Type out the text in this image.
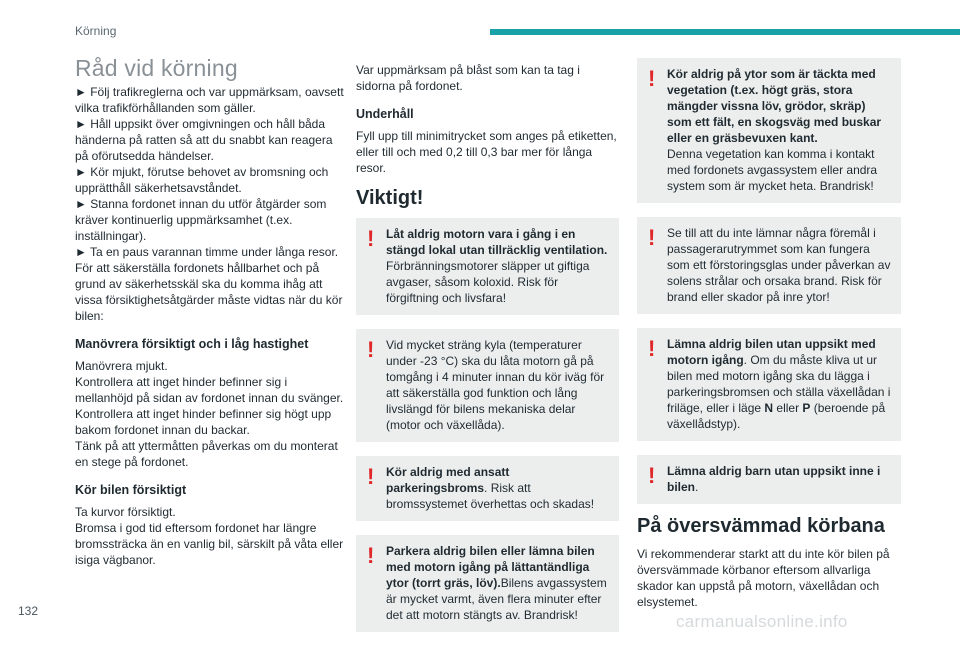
Körning
Råd vid körning

► Följ trafikreglerna och var uppmärksam, oavsett vilka trafikförhållanden som gäller.

► Håll uppsikt över omgivningen och håll båda händerna på ratten så att du snabbt kan reagera på oförutsedda händelser.

► Kör mjukt, förutse behovet av bromsning och upprätthåll säkerhetsavståndet.

► Stanna fordonet innan du utför åtgärder som kräver kontinuerlig uppmärksamhet (t.ex. inställningar).

► Ta en paus varannan timme under långa resor.

För att säkerställa fordonets hållbarhet och på grund av säkerhetsskäl ska du komma ihåg att vissa försiktighetsåtgärder måste vidtas när du kör bilen:

Manövrera försiktigt och i låg hastighet

Manövrera mjukt.

Kontrollera att inget hinder befinner sig i mellanhöjd på sidan av fordonet innan du svänger.

Kontrollera att inget hinder befinner sig högt upp bakom fordonet innan du backar.

Tänk på att yttermåtten påverkas om du monterat en stege på fordonet.

Kör bilen försiktigt

Ta kurvor försiktigt.

Bromsa i god tid eftersom fordonet har längre bromssträcka än en vanlig bil, särskilt på våta eller isiga vägbanor.

Var uppmärksam på blåst som kan ta tag i sidorna på fordonet.

Underhåll

Fyll upp till minimitrycket som anges på etiketten, eller till och med 0,2 till 0,3 bar mer för långa resor.

Viktigt!
! Låt aldrig motorn vara i gång i en stängd lokal utan tillräcklig ventilation. Förbränningsmotorer släpper ut giftiga avgaser, såsom koloxid. Risk för förgiftning och livsfara!
! Vid mycket sträng kyla (temperaturer under -23 °C) ska du låta motorn gå på tomgång i 4 minuter innan du kör iväg för att säkerställa god funktion och lång livslängd för bilens mekaniska delar (motor och växellåda).
! Kör aldrig med ansatt parkeringsbroms. Risk att bromssystemet överhettas och skadas!
! Parkera aldrig bilen eller lämna bilen med motorn igång på lättantändliga ytor (torrt gräs, löv).Bilens avgassystem är mycket varmt, även flera minuter efter det att motorn stängts av. Brandrisk!
! Kör aldrig på ytor som är täckta med vegetation (t.ex. högt gräs, stora mängder vissna löv, grödor, skräp) som ett fält, en skogsväg med buskar eller en gräsbevuxen kant.
Denna vegetation kan komma i kontakt med fordonets avgassystem eller andra system som är mycket heta. Brandrisk!
! Se till att du inte lämnar några föremål i passagerarutrymmet som kan fungera som ett förstoringsglas under påverkan av solens strålar och orsaka brand. Risk för brand eller skador på inre ytor!
! Lämna aldrig bilen utan uppsikt med motorn igång. Om du måste kliva ut ur bilen med motorn igång ska du lägga i parkeringsbromsen och ställa växellådan i friläge, eller i läge N eller P (beroende på växellådstyp).
! Lämna aldrig barn utan uppsikt inne i bilen.
På översvämmad körbana

Vi rekommenderar starkt att du inte kör bilen på översvämmade körbanor eftersom allvarliga skador kan uppstå på motorn, växellådan och elsystemet.

132
carmanualsonline.info
